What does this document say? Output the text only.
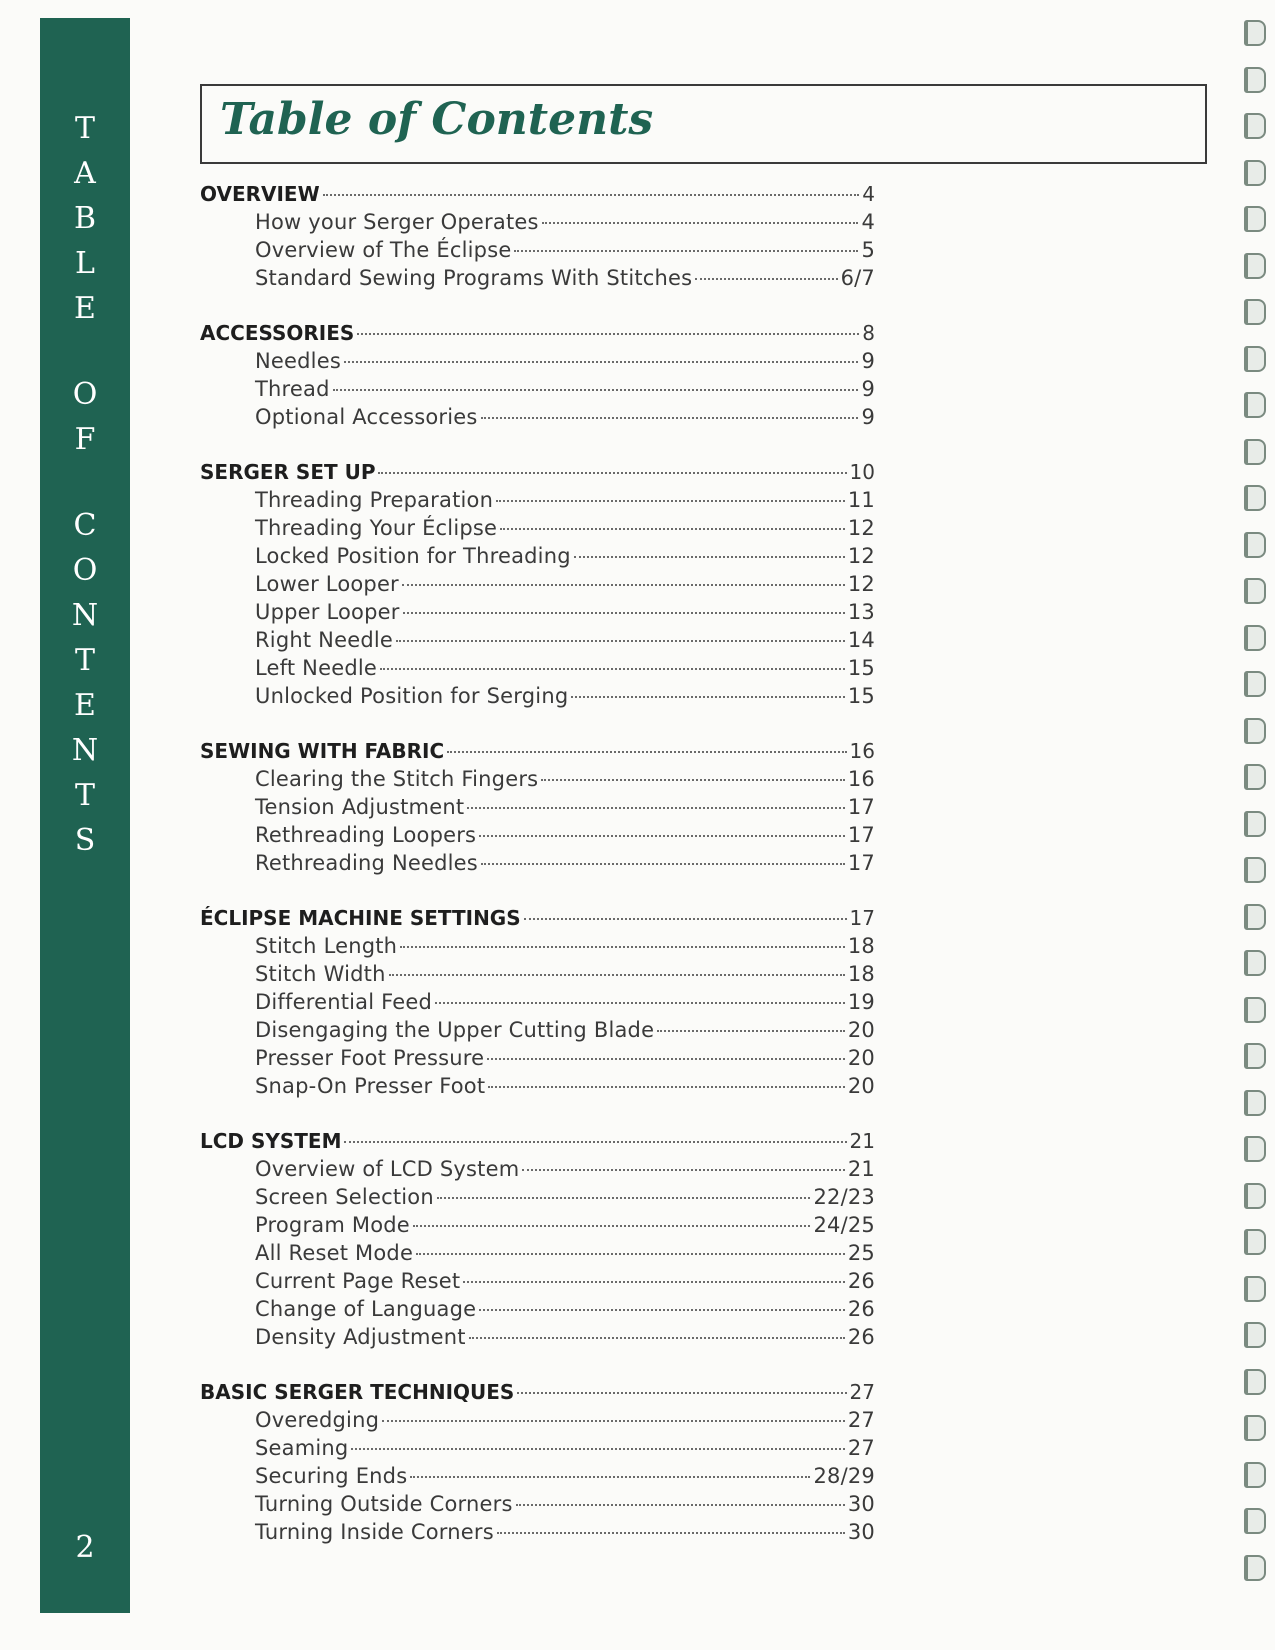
T
A
B
L
E
O
F
C
O
N
T
E
N
T
S
2
Table of Contents
OVERVIEW	4
How your Serger Operates	4
Overview of The Éclipse	5
Standard Sewing Programs With Stitches	6/7
ACCESSORIES	8
Needles	9
Thread	9
Optional Accessories	9
SERGER SET UP	10
Threading Preparation	11
Threading Your Éclipse	12
Locked Position for Threading	12
Lower Looper	12
Upper Looper	13
Right Needle	14
Left Needle	15
Unlocked Position for Serging	15
SEWING WITH FABRIC	16
Clearing the Stitch Fingers	16
Tension Adjustment	17
Rethreading Loopers	17
Rethreading Needles	17
ÉCLIPSE MACHINE SETTINGS	17
Stitch Length	18
Stitch Width	18
Differential Feed	19
Disengaging the Upper Cutting Blade	20
Presser Foot Pressure	20
Snap-On Presser Foot	20
LCD SYSTEM	21
Overview of LCD System	21
Screen Selection	22/23
Program Mode	24/25
All Reset Mode	25
Current Page Reset	26
Change of Language	26
Density Adjustment	26
BASIC SERGER TECHNIQUES	27
Overedging	27
Seaming	27
Securing Ends	28/29
Turning Outside Corners	30
Turning Inside Corners	30
